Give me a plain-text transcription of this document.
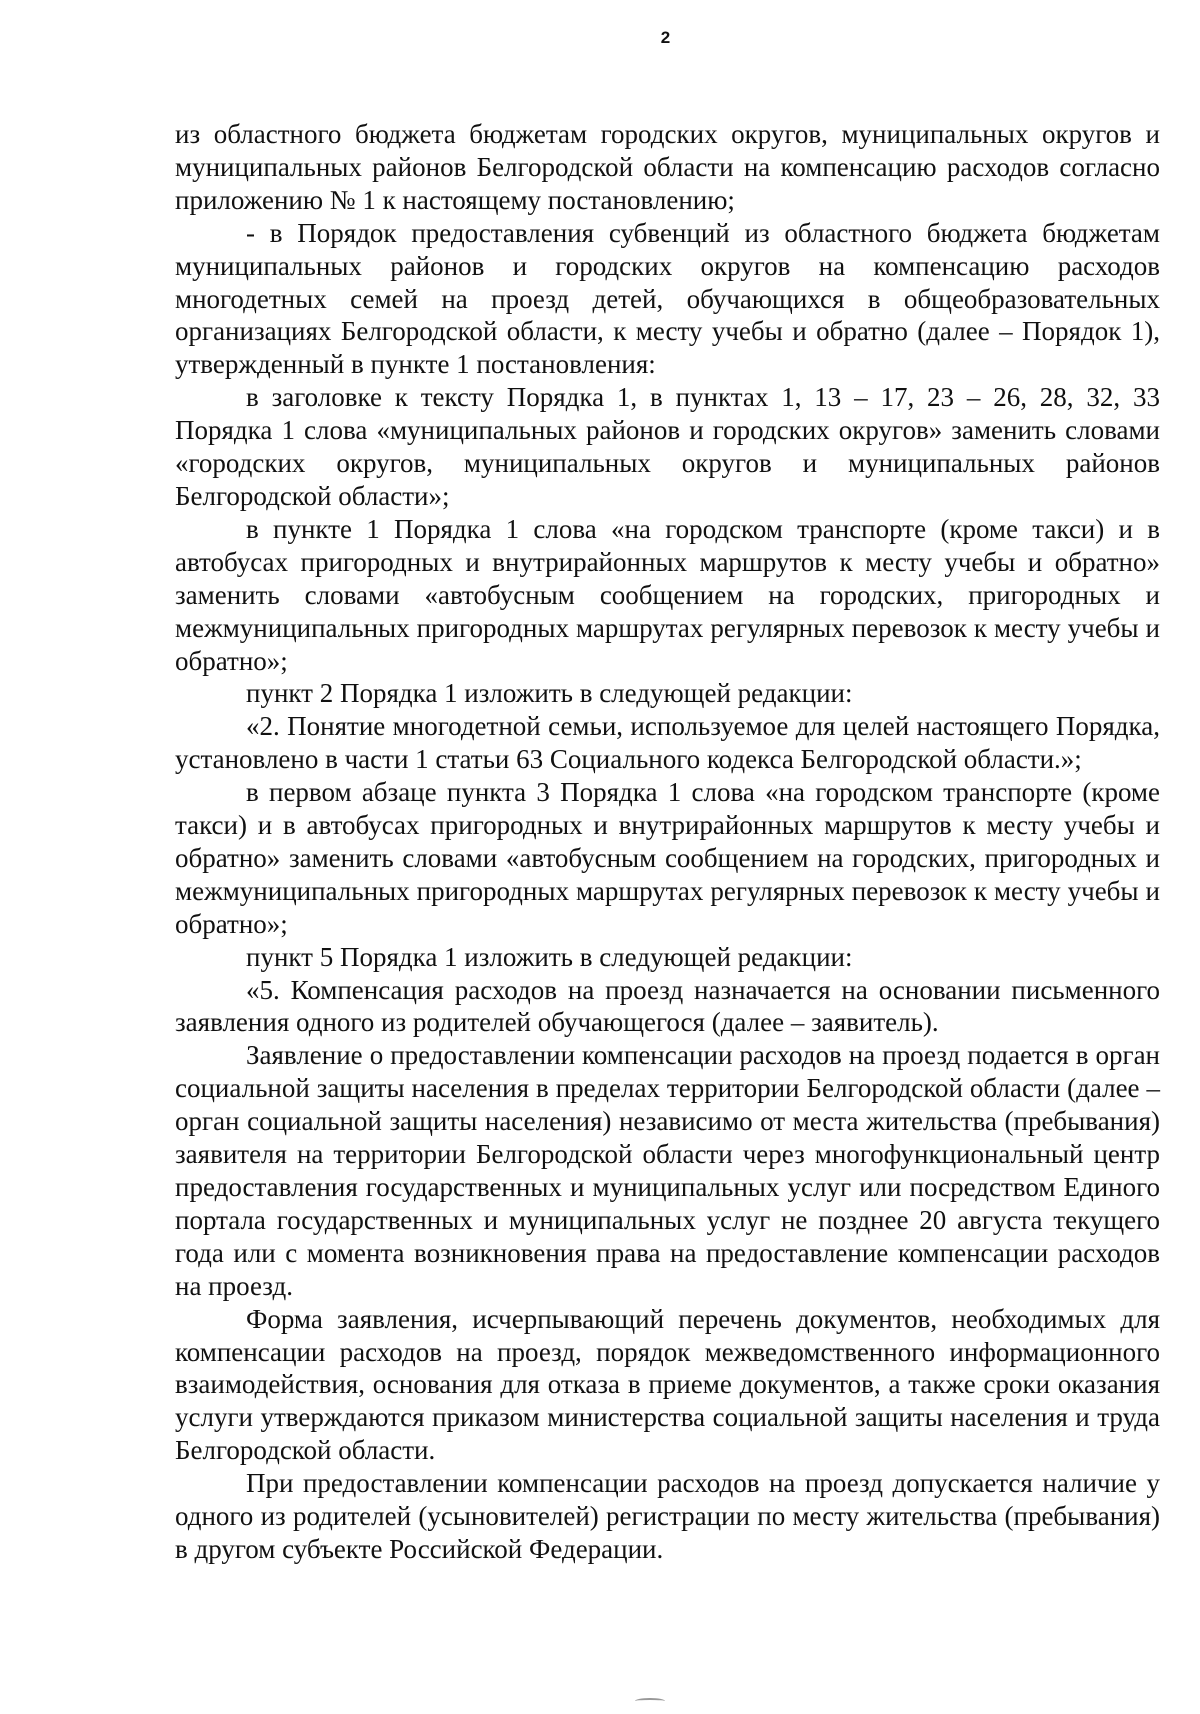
2

из областного бюджета бюджетам городских округов, муниципальных округов и муниципальных районов Белгородской области на компенсацию расходов согласно приложению № 1 к настоящему постановлению;

- в Порядок предоставления субвенций из областного бюджета бюджетам муниципальных районов и городских округов на компенсацию расходов многодетных семей на проезд детей, обучающихся в общеобразовательных организациях Белгородской области, к месту учебы и обратно (далее – Порядок 1), утвержденный в пункте 1 постановления:

в заголовке к тексту Порядка 1, в пунктах 1, 13 – 17, 23 – 26, 28, 32, 33 Порядка 1 слова «муниципальных районов и городских округов» заменить словами «городских округов, муниципальных округов и муниципальных районов Белгородской области»;

в пункте 1 Порядка 1 слова «на городском транспорте (кроме такси) и в автобусах пригородных и внутрирайонных маршрутов к месту учебы и обратно» заменить словами «автобусным сообщением на городских, пригородных и межмуниципальных пригородных маршрутах регулярных перевозок к месту учебы и обратно»;

пункт 2 Порядка 1 изложить в следующей редакции:

«2. Понятие многодетной семьи, используемое для целей настоящего Порядка, установлено в части 1 статьи 63 Социального кодекса Белгородской области.»;

в первом абзаце пункта 3 Порядка 1 слова «на городском транспорте (кроме такси) и в автобусах пригородных и внутрирайонных маршрутов к месту учебы и обратно» заменить словами «автобусным сообщением на городских, пригородных и межмуниципальных пригородных маршрутах регулярных перевозок к месту учебы и обратно»;

пункт 5 Порядка 1 изложить в следующей редакции:

«5. Компенсация расходов на проезд назначается на основании письменного заявления одного из родителей обучающегося (далее – заявитель).

Заявление о предоставлении компенсации расходов на проезд подается в орган социальной защиты населения в пределах территории Белгородской области (далее – орган социальной защиты населения) независимо от места жительства (пребывания) заявителя на территории Белгородской области через многофункциональный центр предоставления государственных и муниципальных услуг или посредством Единого портала государственных и муниципальных услуг не позднее 20 августа текущего года или с момента возникновения права на предоставление компенсации расходов на проезд.

Форма заявления, исчерпывающий перечень документов, необходимых для компенсации расходов на проезд, порядок межведомственного информационного взаимодействия, основания для отказа в приеме документов, а также сроки оказания услуги утверждаются приказом министерства социальной защиты населения и труда Белгородской области.

При предоставлении компенсации расходов на проезд допускается наличие у одного из родителей (усыновителей) регистрации по месту жительства (пребывания) в другом субъекте Российской Федерации.
